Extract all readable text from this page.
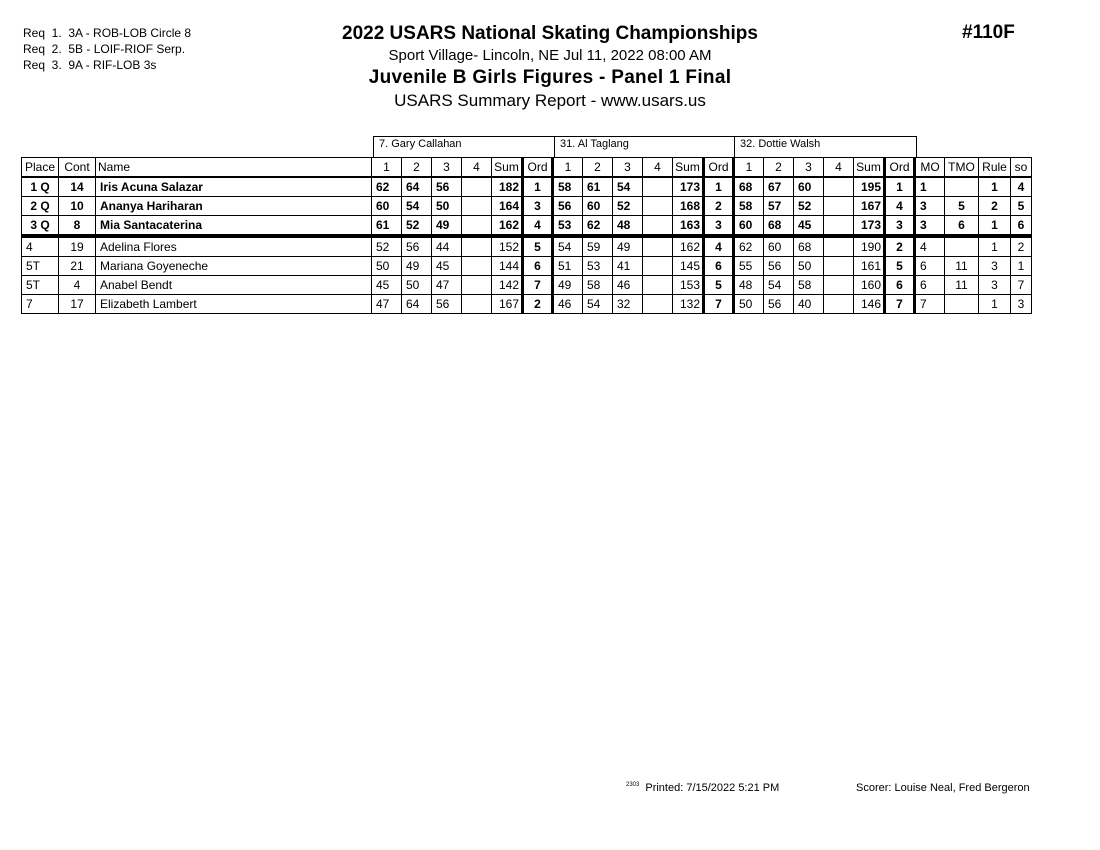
Req  1.  3A - ROB-LOB Circle 8
Req  2.  5B - LOIF-RIOF Serp.
Req  3.  9A - RIF-LOB 3s
2022 USARS National Skating Championships
Sport Village- Lincoln, NE Jul 11, 2022 08:00 AM
Juvenile B Girls Figures - Panel 1 Final
USARS Summary Report - www.usars.us
#110F
7. Gary Callahan	31. Al Taglang	32. Dottie Walsh
Place	Cont	Name	1	2	3	4	Sum	Ord	1	2	3	4	Sum	Ord	1	2	3	4	Sum	Ord	MO	TMO	Rule	so
1 Q	14	Iris Acuna Salazar	62	64	56		182	1	58	61	54		173	1	68	67	60		195	1	1		1	4
2 Q	10	Ananya Hariharan	60	54	50		164	3	56	60	52		168	2	58	57	52		167	4	3	5	2	5
3 Q	8	Mia Santacaterina	61	52	49		162	4	53	62	48		163	3	60	68	45		173	3	3	6	1	6
4	19	Adelina Flores	52	56	44		152	5	54	59	49		162	4	62	60	68		190	2	4		1	2
5T	21	Mariana Goyeneche	50	49	45		144	6	51	53	41		145	6	55	56	50		161	5	6	11	3	1
5T	4	Anabel Bendt	45	50	47		142	7	49	58	46		153	5	48	54	58		160	6	6	11	3	7
7	17	Elizabeth Lambert	47	64	56		167	2	46	54	32		132	7	50	56	40		146	7	7		1	3
2303 Printed: 7/15/2022 5:21 PM	Scorer: Louise Neal, Fred Bergeron
